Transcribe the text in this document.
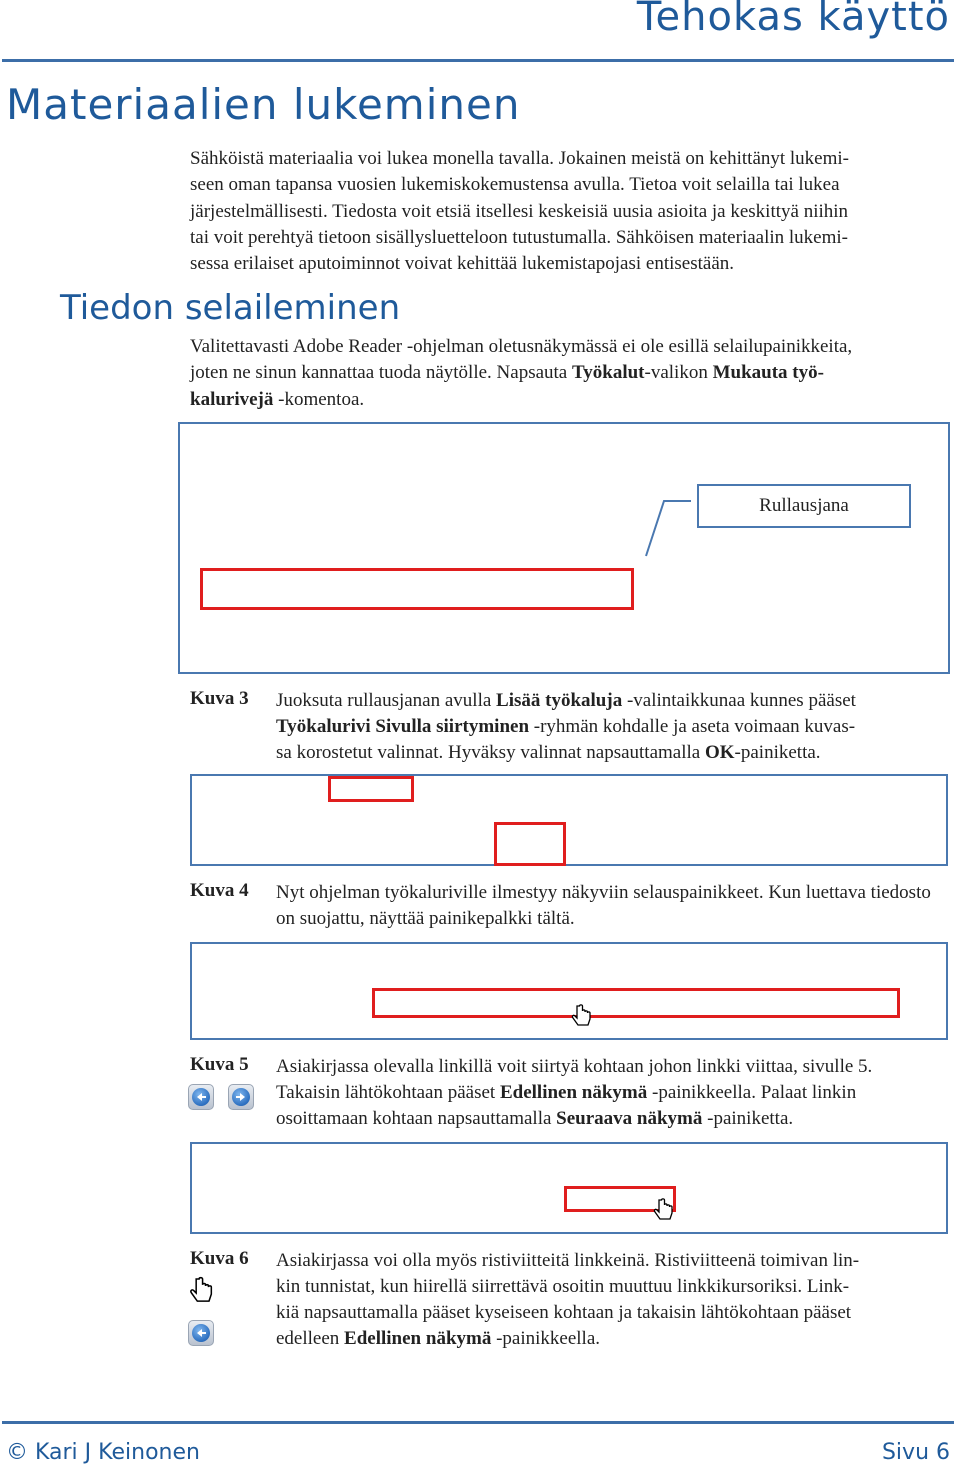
Tehokas käyttö
Materiaalien lukeminen
Sähköistä materiaalia voi lukea monella tavalla. Jokainen meistä on kehittänyt lukemi-
seen oman tapansa vuosien lukemiskokemustensa avulla. Tietoa voit selailla tai lukea
järjestelmällisesti. Tiedosta voit etsiä itsellesi keskeisiä uusia asioita ja keskittyä niihin
tai voit perehtyä tietoon sisällysluetteloon tutustumalla. Sähköisen materiaalin lukemi-
sessa erilaiset aputoiminnot voivat kehittää lukemistapojasi entisestään.
Tiedon selaileminen
Valitettavasti Adobe Reader -ohjelman oletusnäkymässä ei ole esillä selailupainikkeita,
joten ne sinun kannattaa tuoda näytölle. Napsauta Työkalut-valikon Mukauta työ-
kalurivejä -komentoa.
Rullausjana
Kuva 3 Juoksuta rullausjanan avulla Lisää työkaluja -valintaikkunaa kunnes pääset
Työkalurivi Sivulla siirtyminen -ryhmän kohdalle ja aseta voimaan kuvas-
sa korostetut valinnat. Hyväksy valinnat napsauttamalla OK-painiketta.
Kuva 4 Nyt ohjelman työkaluriville ilmestyy näkyviin selauspainikkeet. Kun luettava tiedosto on suojattu, näyttää painikepalkki tältä.
Kuva 5 Asiakirjassa olevalla linkillä voit siirtyä kohtaan johon linkki viittaa, sivulle 5.
Takaisin lähtökohtaan pääset Edellinen näkymä -painikkeella. Palaat linkin
osoittamaan kohtaan napsauttamalla Seuraava näkymä -painiketta.
Kuva 6 Asiakirjassa voi olla myös ristiviitteitä linkkeinä. Ristiviitteenä toimivan lin-
kin tunnistat, kun hiirellä siirrettävä osoitin muuttuu linkkikursoriksi. Link-
kiä napsauttamalla pääset kyseiseen kohtaan ja takaisin lähtökohtaan pääset
edelleen Edellinen näkymä -painikkeella.
© Kari J Keinonen	Sivu 6
